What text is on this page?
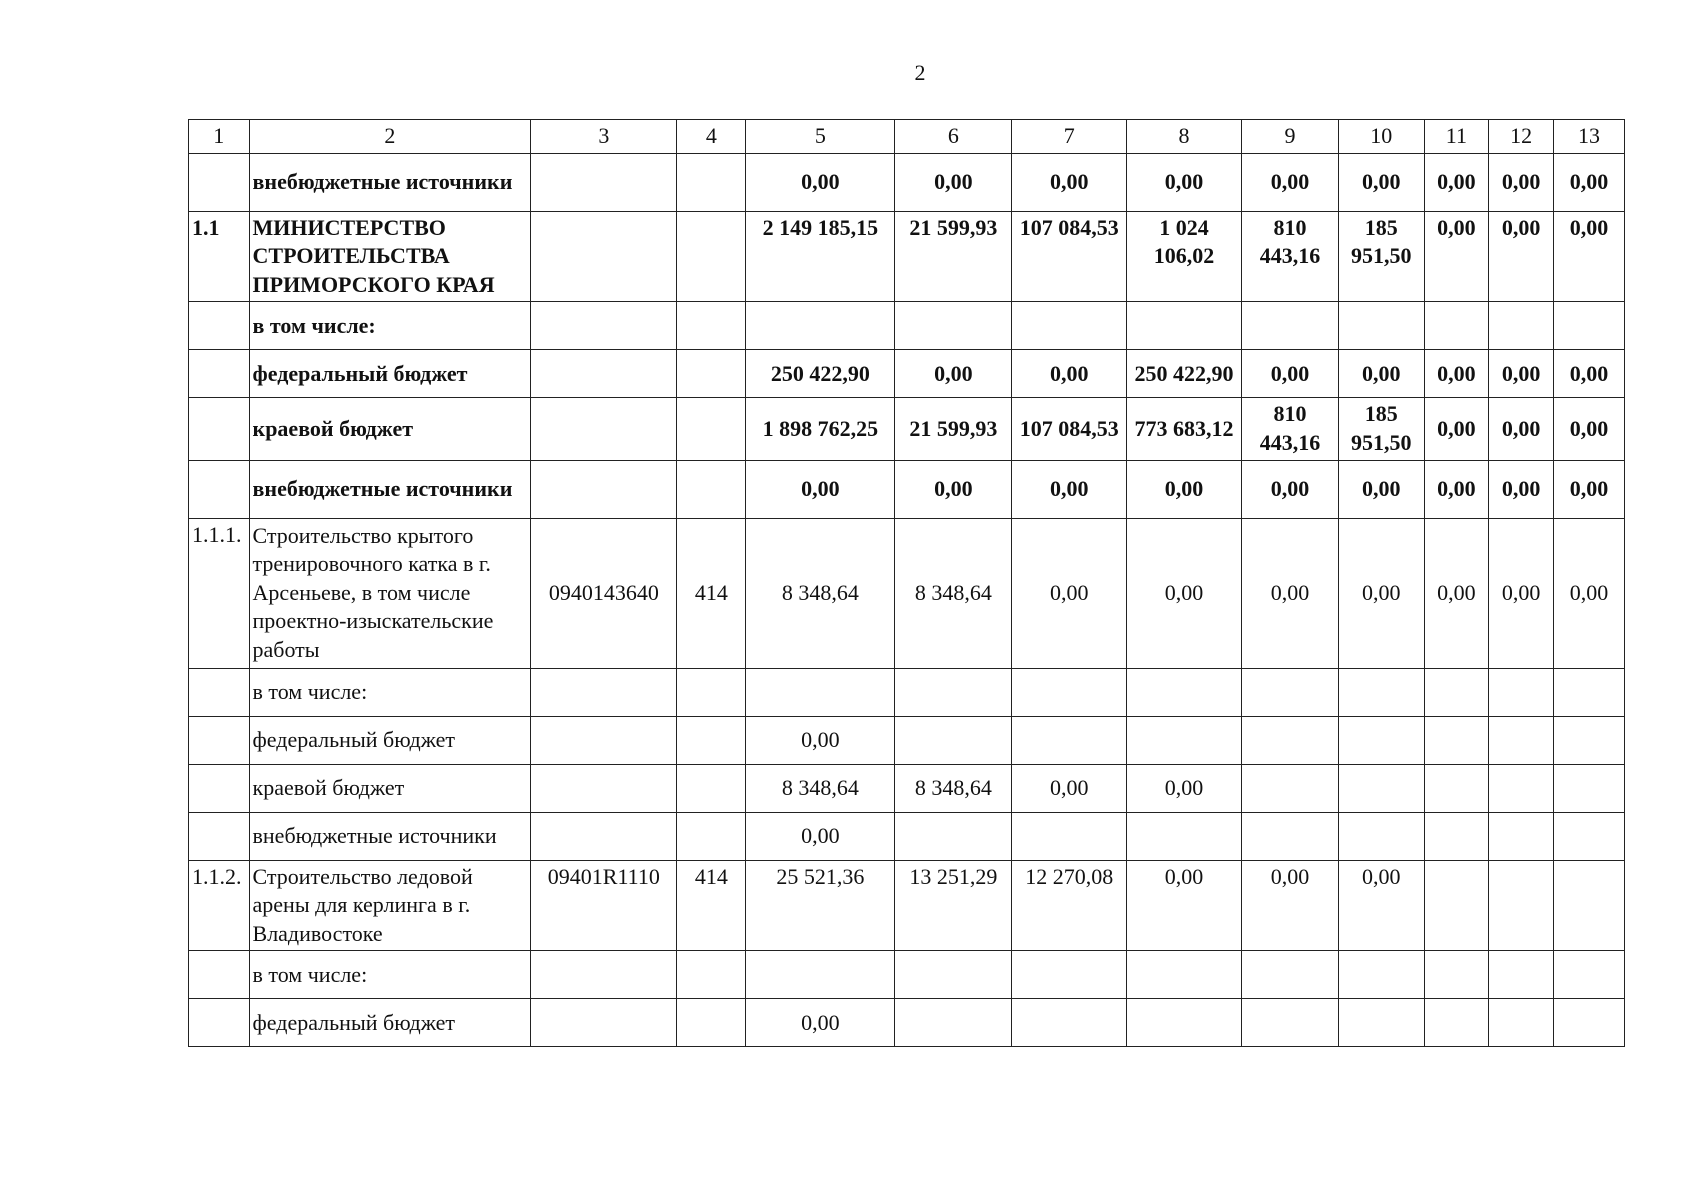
2
1	2	3	4	5	6	7	8	9	10	11	12	13
	внебюджетные источники			0,00	0,00	0,00	0,00	0,00	0,00	0,00	0,00	0,00
1.1	МИНИСТЕРСТВО СТРОИТЕЛЬСТВА ПРИМОРСКОГО КРАЯ			2 149 185,15	21 599,93	107 084,53	1 024 106,02	810 443,16	185 951,50	0,00	0,00	0,00
	в том числе:											
	федеральный бюджет			250 422,90	0,00	0,00	250 422,90	0,00	0,00	0,00	0,00	0,00
	краевой бюджет			1 898 762,25	21 599,93	107 084,53	773 683,12	810 443,16	185 951,50	0,00	0,00	0,00
	внебюджетные источники			0,00	0,00	0,00	0,00	0,00	0,00	0,00	0,00	0,00
1.1.1.	Строительство крытого тренировочного катка в г. Арсеньеве, в том числе проектно-изыскательские работы	0940143640	414	8 348,64	8 348,64	0,00	0,00	0,00	0,00	0,00	0,00	0,00
	в том числе:											
	федеральный бюджет			0,00								
	краевой бюджет			8 348,64	8 348,64	0,00	0,00					
	внебюджетные источники			0,00								
1.1.2.	Строительство ледовой арены для керлинга в г. Владивостоке	09401R1110	414	25 521,36	13 251,29	12 270,08	0,00	0,00	0,00			
	в том числе:											
	федеральный бюджет			0,00								
